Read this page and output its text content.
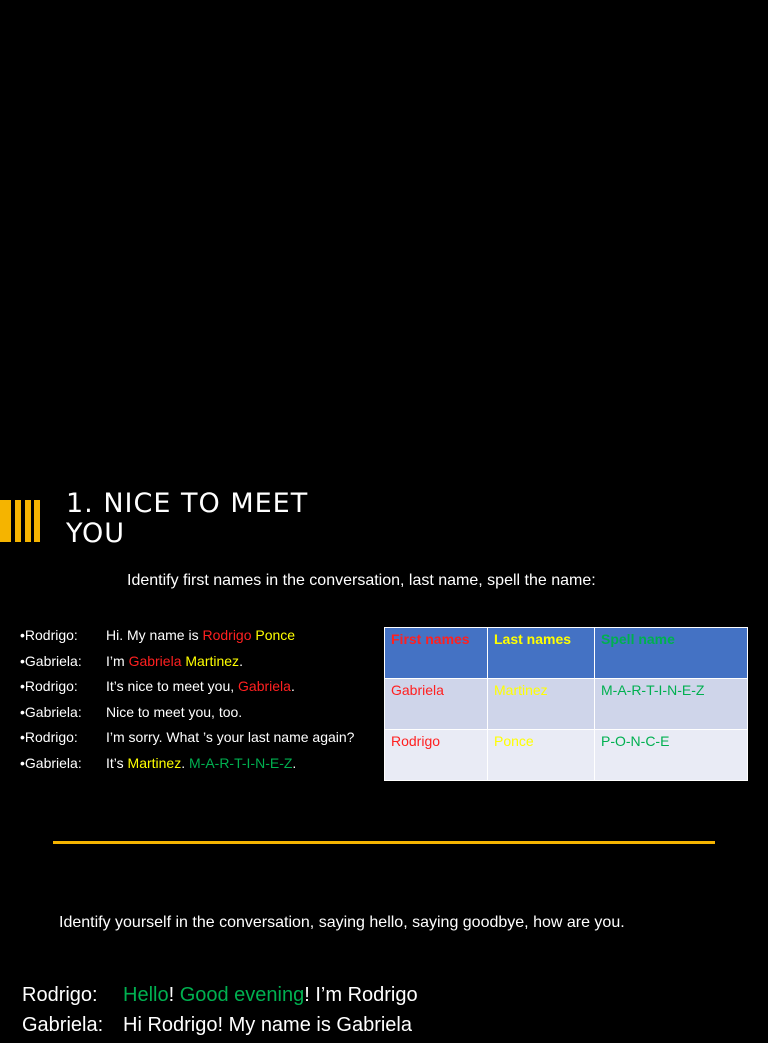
1. NICE TO MEET YOU
Identify first names in the conversation, last name, spell the name:
•Rodrigo: Hi. My name is Rodrigo Ponce
•Gabriela: I’m Gabriela Martinez.
•Rodrigo: It’s nice to meet you, Gabriela.
•Gabriela: Nice to meet you, too.
•Rodrigo: I’m sorry. What ’s your last name again?
•Gabriela: It’s Martinez. M-A-R-T-I-N-E-Z.
First names	Last names	Spell name
Gabriela	Martinez	M-A-R-T-I-N-E-Z
Rodrigo	Ponce	P-O-N-C-E
Identify yourself in the conversation, saying hello, saying goodbye, how are you.
Rodrigo: Hello! Good evening! I’m Rodrigo
Gabriela: Hi Rodrigo! My name is Gabriela
